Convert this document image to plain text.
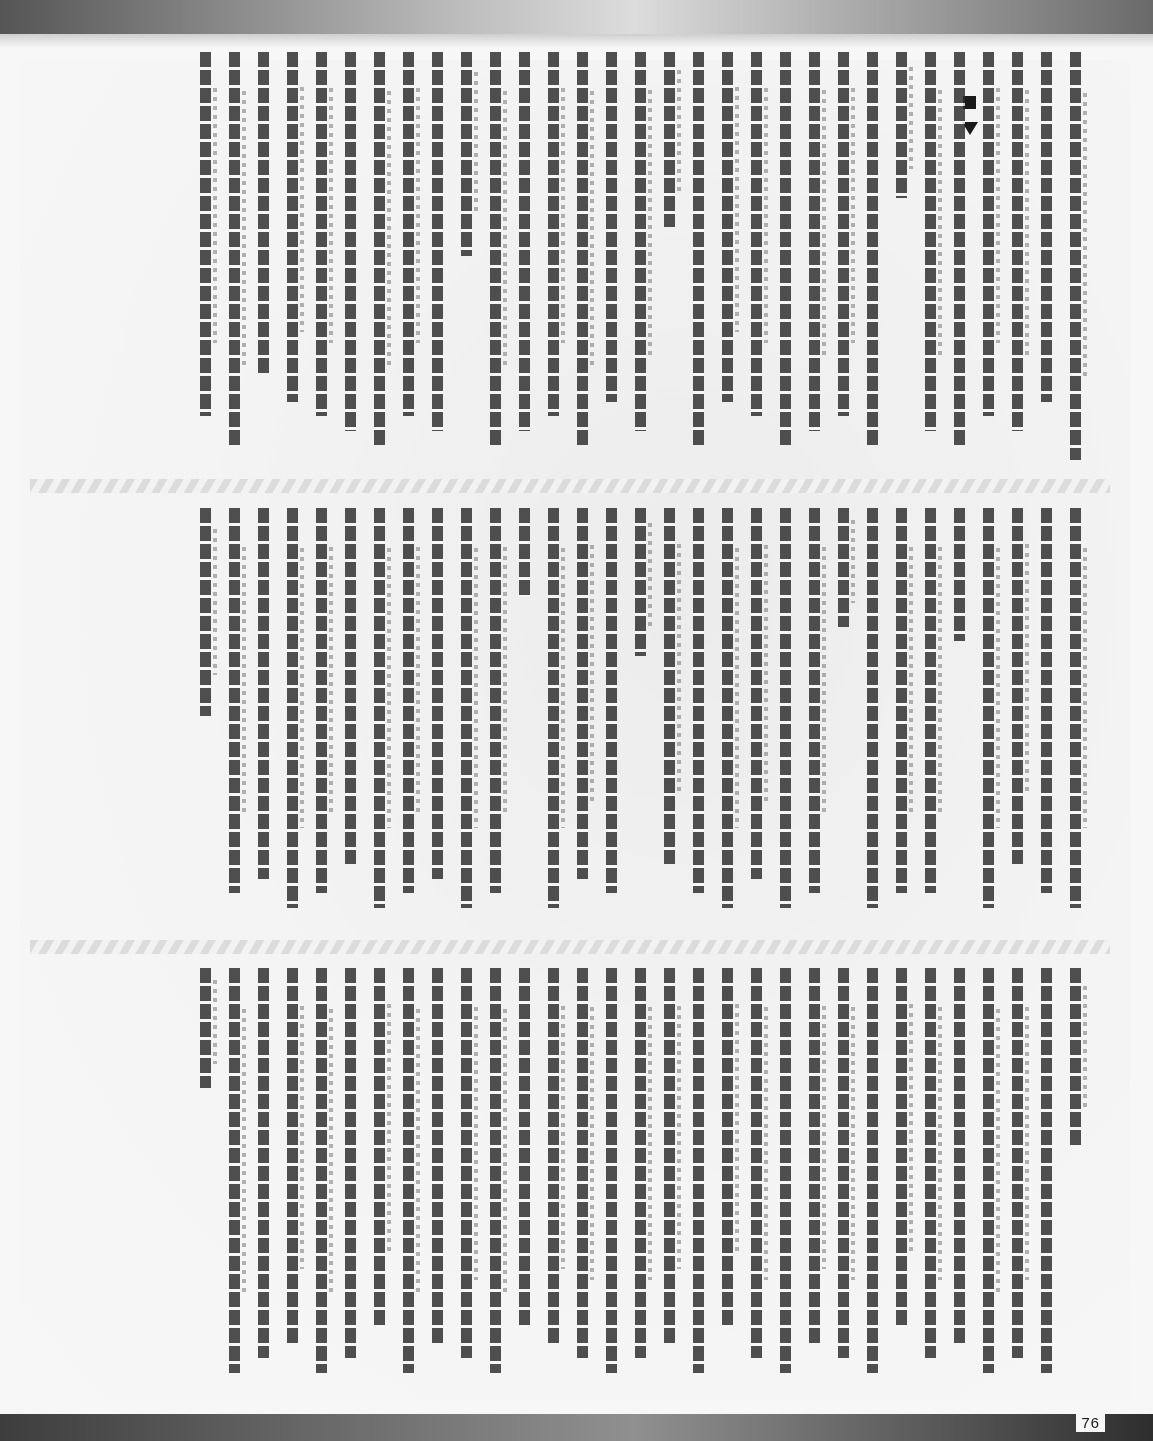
76
